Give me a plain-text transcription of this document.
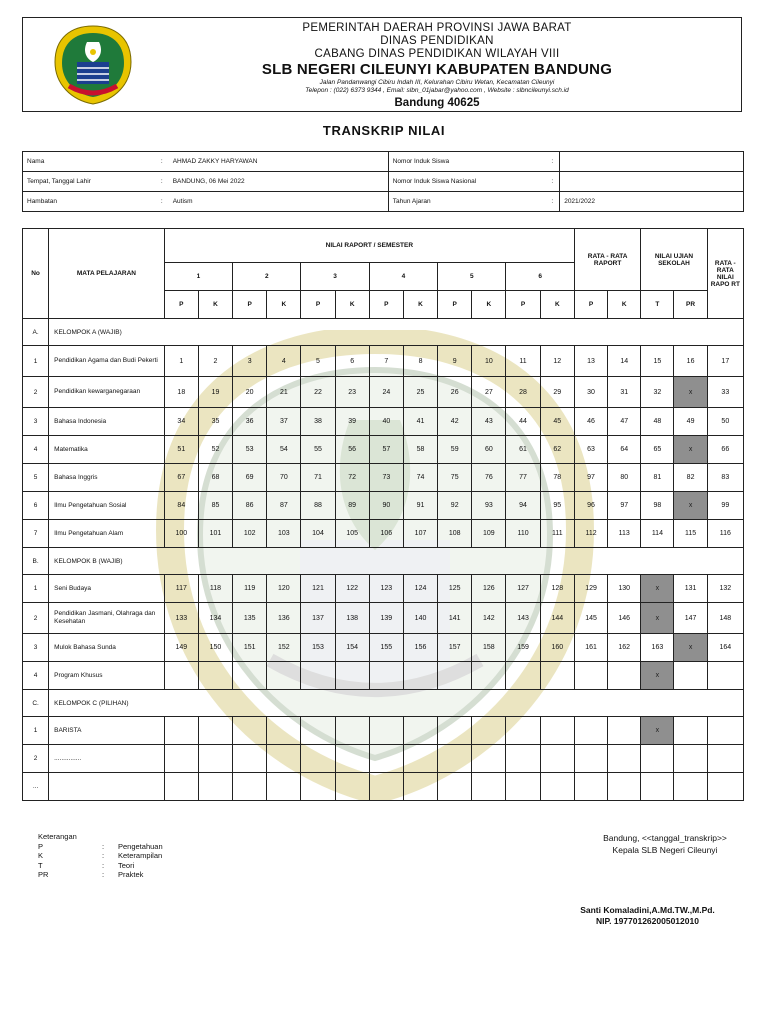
PEMERINTAH DAERAH PROVINSI JAWA BARAT
DINAS PENDIDIKAN
CABANG DINAS PENDIDIKAN WILAYAH VIII
SLB NEGERI CILEUNYI KABUPATEN BANDUNG
Jalan Pandanwangi Cibiru Indah III, Kelurahan Cibiru Wetan, Kecamatan Cileunyi
Telepon : (022) 6373 9344 , Email: slbn_01jabar@yahoo.com , Website : slbncileunyi.sch.id
Bandung 40625
TRANSKRIP NILAI
Nama	:	AHMAD ZAKKY HARYAWAN	Nomor Induk Siswa	:	
Tempat, Tanggal Lahir	:	BANDUNG, 06 Mei 2022	Nomor Induk Siswa Nasional	:	
Hambatan	:	Autism	Tahun Ajaran	:	2021/2022
No	MATA PELAJARAN	NILAI RAPORT / SEMESTER												RATA - RATA RAPORT		NILAI UJIAN SEKOLAH		RATA - RATA NILAI RAPO RT
		1		2		3		4		5		6						
		P	K	P	K	P	K	P	K	P	K	P	K	P	K	T	PR	
A.	KELOMPOK A (WAJIB)																	
1	Pendidikan Agama dan Budi Pekerti	1	2	3	4	5	6	7	8	9	10	11	12	13	14	15	16	17
2	Pendidikan kewarganegaraan	18	19	20	21	22	23	24	25	26	27	28	29	30	31	32	x	33
3	Bahasa Indonesia	34	35	36	37	38	39	40	41	42	43	44	45	46	47	48	49	50
4	Matematika	51	52	53	54	55	56	57	58	59	60	61	62	63	64	65	x	66
5	Bahasa Inggris	67	68	69	70	71	72	73	74	75	76	77	78	97	80	81	82	83
6	Ilmu Pengetahuan Sosial	84	85	86	87	88	89	90	91	92	93	94	95	96	97	98	x	99
7	Ilmu Pengetahuan Alam	100	101	102	103	104	105	106	107	108	109	110	111	112	113	114	115	116
B.	KELOMPOK B (WAJIB)																	
1	Seni Budaya	117	118	119	120	121	122	123	124	125	126	127	128	129	130	x	131	132
2	Pendidikan Jasmani, Olahraga dan Kesehatan	133	134	135	136	137	138	139	140	141	142	143	144	145	146	x	147	148
3	Mulok Bahasa Sunda	149	150	151	152	153	154	155	156	157	158	159	160	161	162	163	x	164
4	Program Khusus															x		
C.	KELOMPOK C (PILIHAN)																	
1	BARISTA															x		
2	...............																	
...																		
Keterangan
P	: Pengetahuan
K	: Keterampilan
T	: Teori
PR	: Praktek
Bandung, <<tanggal_transkrip>>
Kepala SLB Negeri Cileunyi
Santi Komaladini,A.Md.TW.,M.Pd.
NIP. 197701262005012010
